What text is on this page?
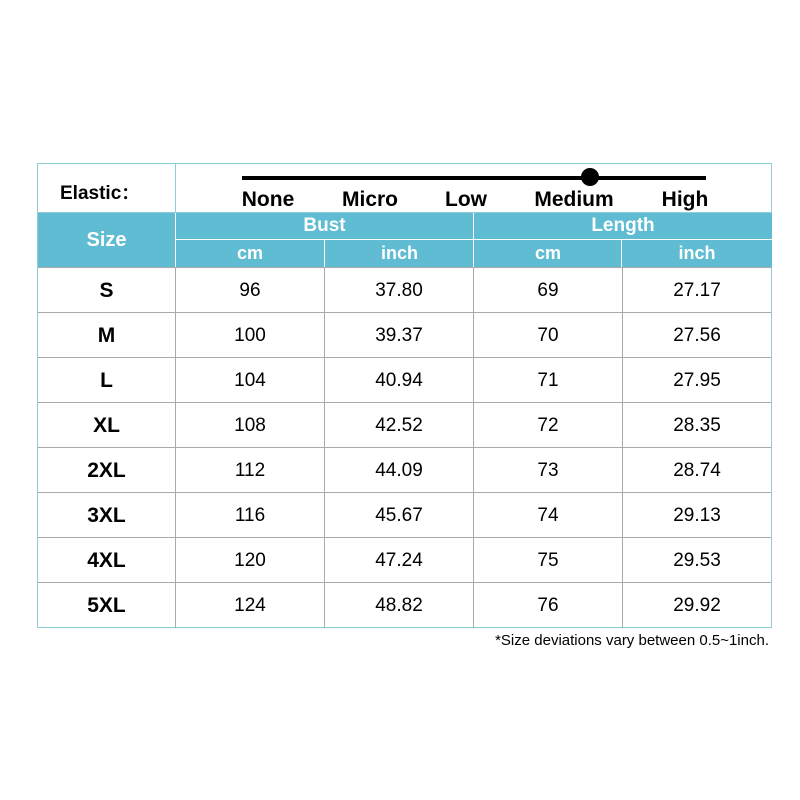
Elastic：	None Micro Low Medium High
Size
Bust	Length
cm	inch	cm	inch
S	96	37.80	69	27.17
M	100	39.37	70	27.56
L	104	40.94	71	27.95
XL	108	42.52	72	28.35
2XL	112	44.09	73	28.74
3XL	116	45.67	74	29.13
4XL	120	47.24	75	29.53
5XL	124	48.82	76	29.92
*Size deviations vary between 0.5~1inch.
